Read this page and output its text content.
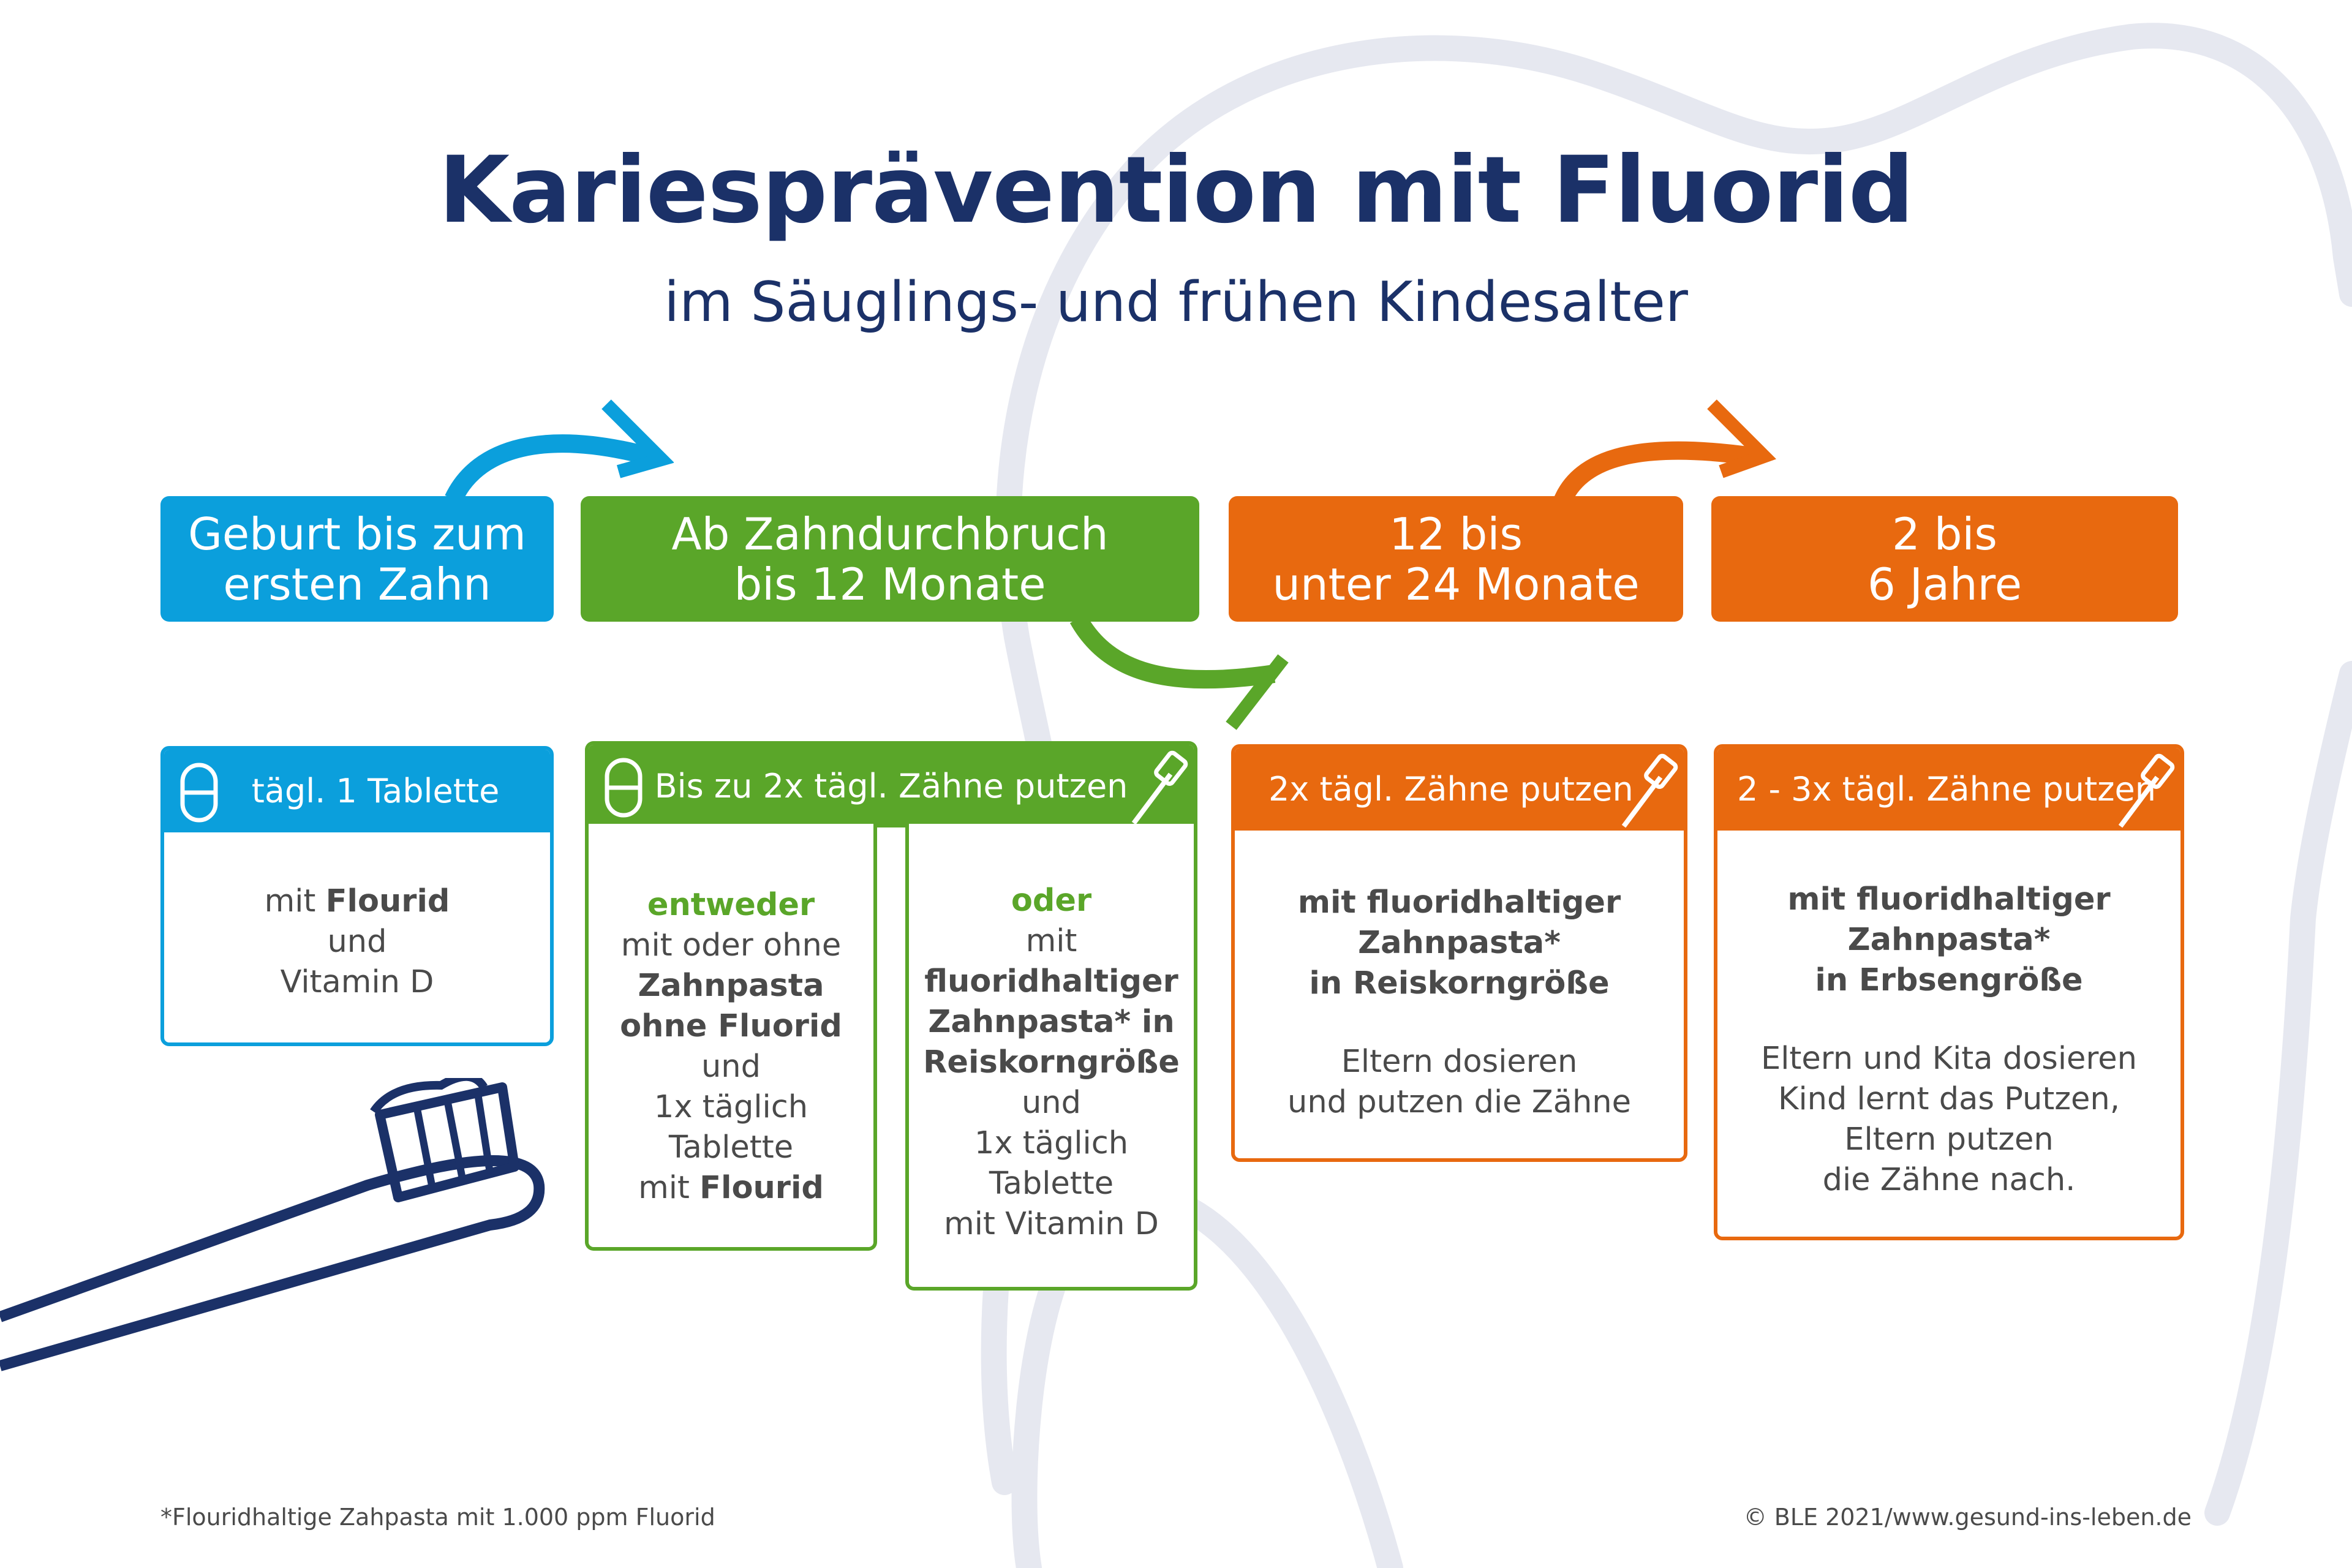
Kariesprävention mit Fluorid
im Säuglings- und frühen Kindesalter
Geburt bis zum
ersten Zahn
Ab Zahndurchbruch
bis 12 Monate
12 bis
unter 24 Monate
2 bis
6 Jahre
tägl. 1 Tablette
mit Flourid
und
Vitamin D
Bis zu 2x tägl. Zähne putzen
entweder
mit oder ohne
Zahnpasta
ohne Fluorid
und
1x täglich
Tablette
mit Flourid
oder
mit
fluoridhaltiger
Zahnpasta* in
Reiskorngröße
und
1x täglich
Tablette
mit Vitamin D
2x tägl. Zähne putzen
mit fluoridhaltiger
Zahnpasta*
in Reiskorngröße
Eltern dosieren
und putzen die Zähne
2 - 3x tägl. Zähne putzen
mit fluoridhaltiger
Zahnpasta*
in Erbsengröße
Eltern und Kita dosieren
Kind lernt das Putzen,
Eltern putzen
die Zähne nach.
*Flouridhaltige Zahpasta mit 1.000 ppm Fluorid	© BLE 2021/www.gesund-ins-leben.de
